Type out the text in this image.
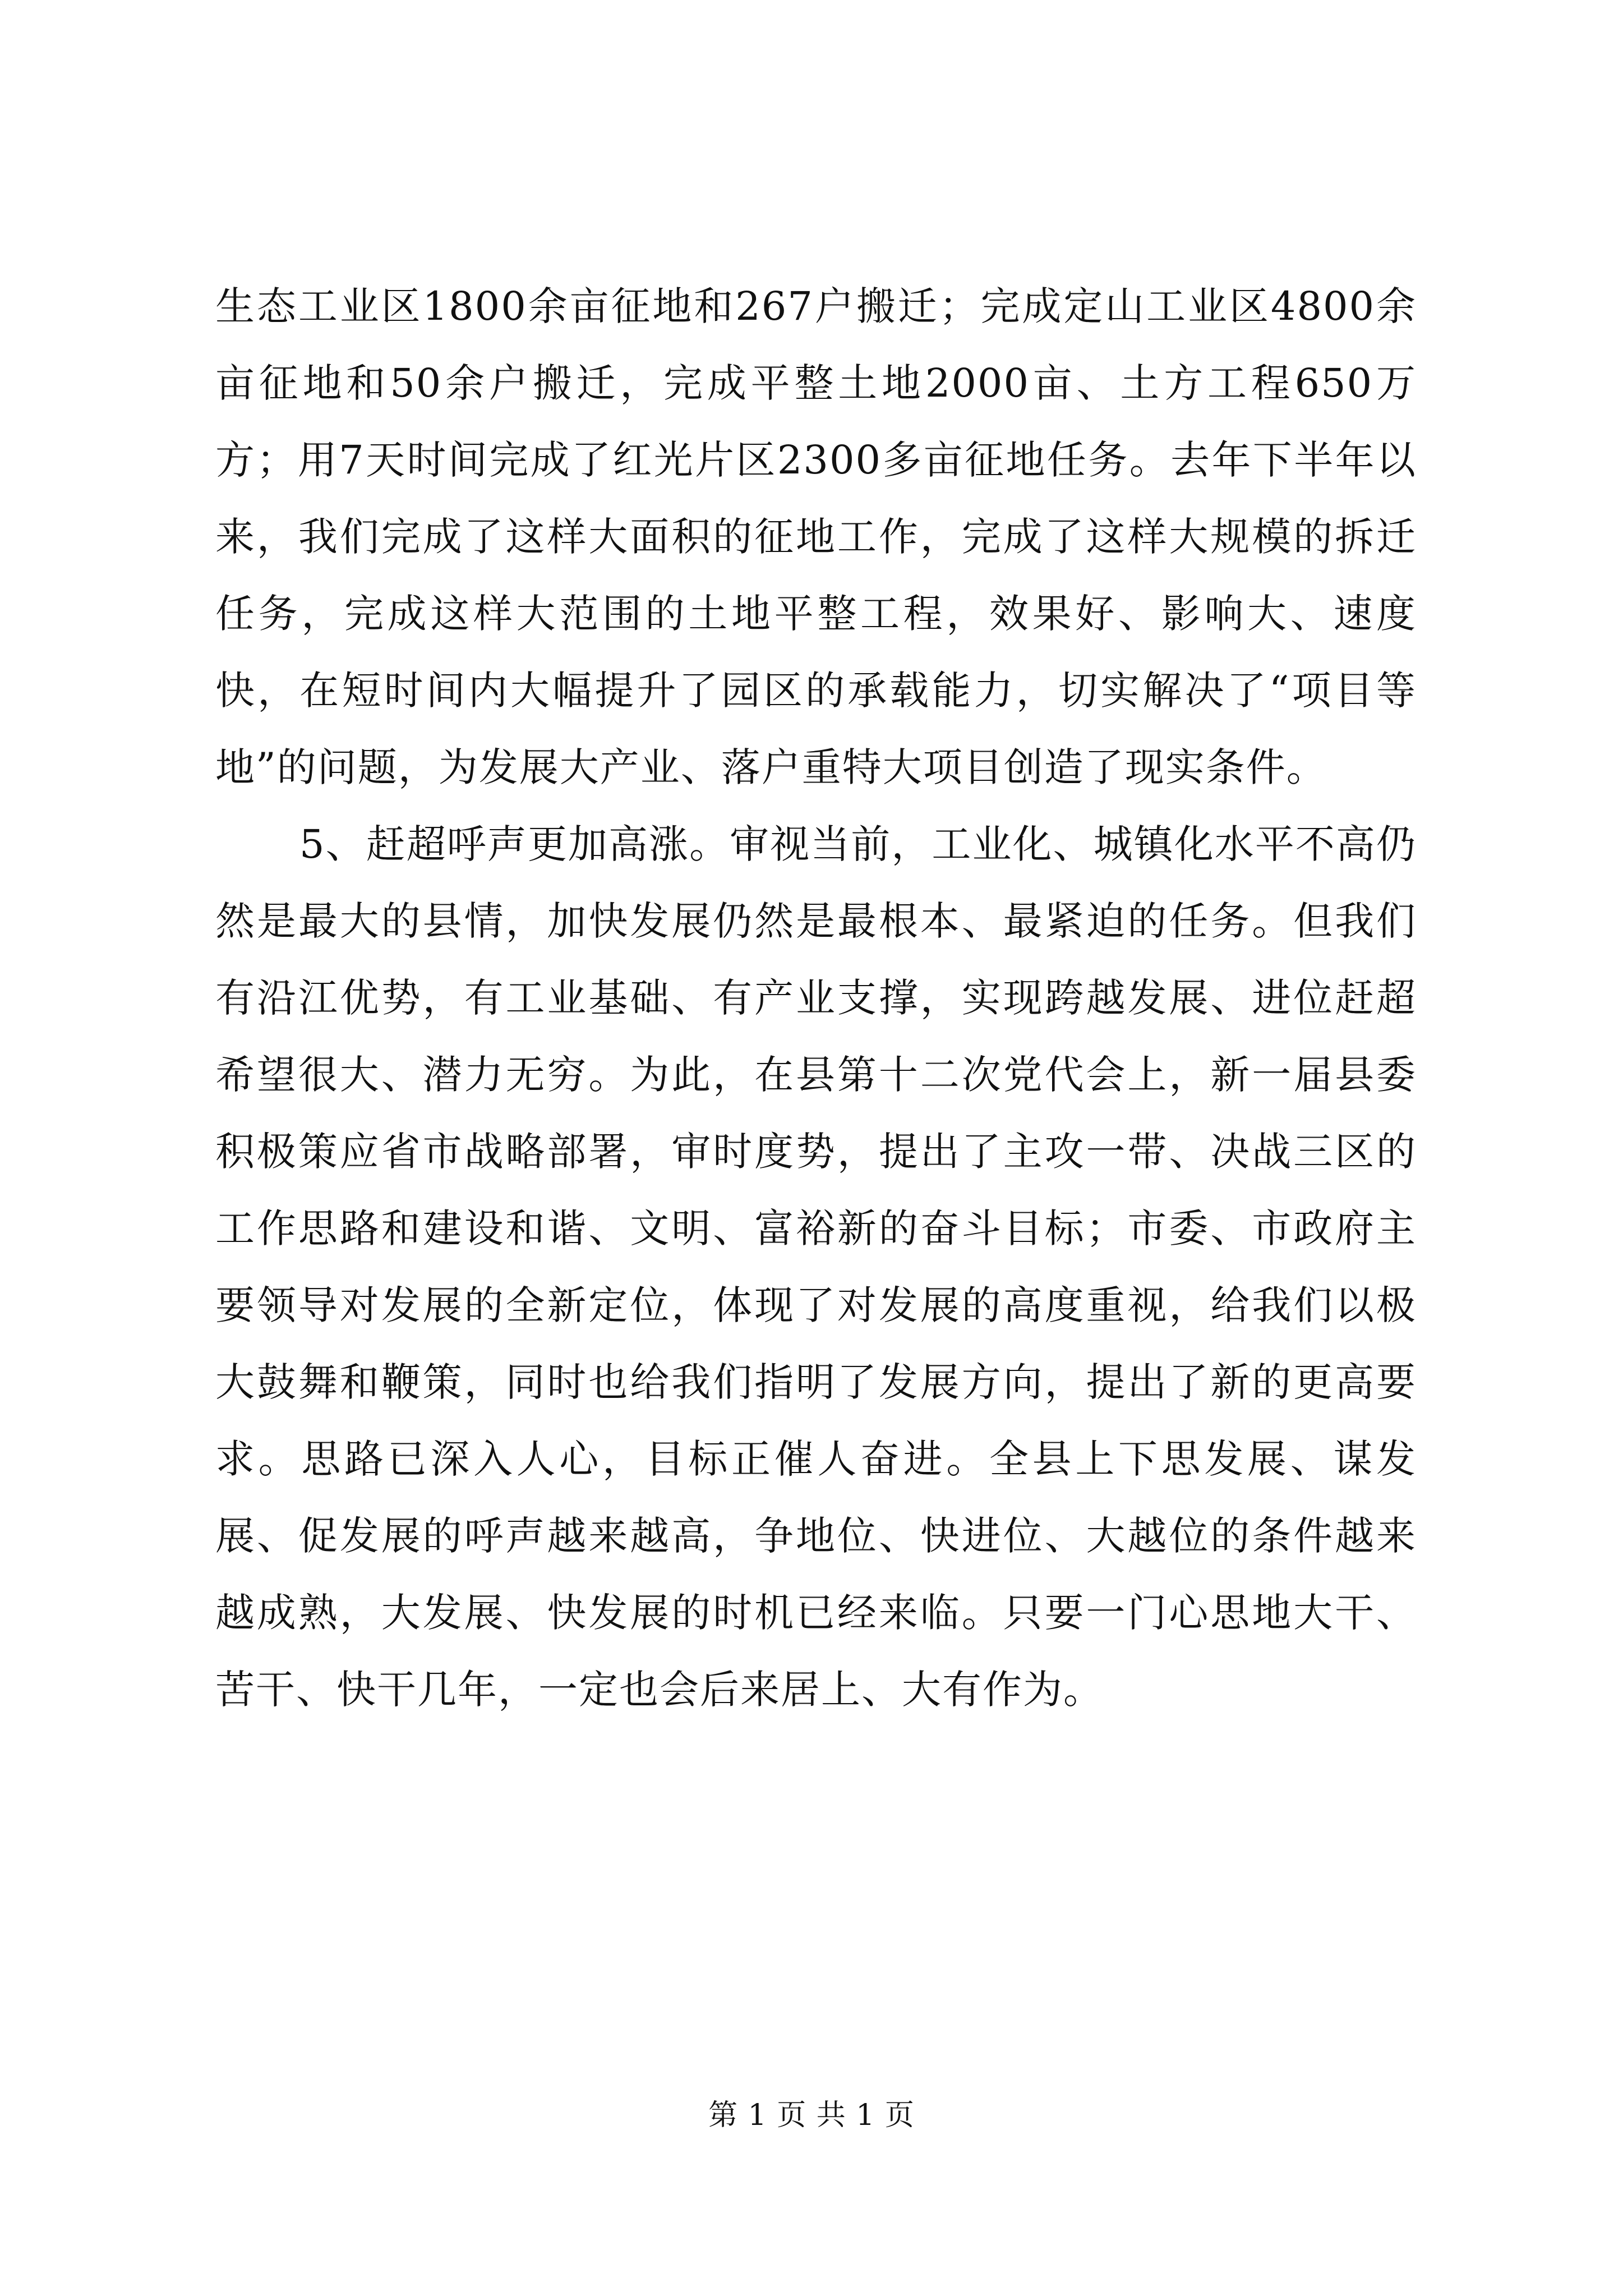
生态工业区1800余亩征地和267户搬迁；完成定山工业区4800余亩征地和50余户搬迁，完成平整土地2000亩、土方工程650万方；用7天时间完成了红光片区2300多亩征地任务。去年下半年以来，我们完成了这样大面积的征地工作，完成了这样大规模的拆迁任务，完成这样大范围的土地平整工程，效果好、影响大、速度快，在短时间内大幅提升了园区的承载能力，切实解决了“项目等地”的问题，为发展大产业、落户重特大项目创造了现实条件。

5、赶超呼声更加高涨。审视当前，工业化、城镇化水平不高仍然是最大的县情，加快发展仍然是最根本、最紧迫的任务。但我们有沿江优势，有工业基础、有产业支撑，实现跨越发展、进位赶超希望很大、潜力无穷。为此，在县第十二次党代会上，新一届县委积极策应省市战略部署，审时度势，提出了主攻一带、决战三区的工作思路和建设和谐、文明、富裕新的奋斗目标；市委、市政府主要领导对发展的全新定位，体现了对发展的高度重视，给我们以极大鼓舞和鞭策，同时也给我们指明了发展方向，提出了新的更高要求。思路已深入人心，目标正催人奋进。全县上下思发展、谋发展、促发展的呼声越来越高，争地位、快进位、大越位的条件越来越成熟，大发展、快发展的时机已经来临。只要一门心思地大干、苦干、快干几年，一定也会后来居上、大有作为。

第 1 页 共 1 页
